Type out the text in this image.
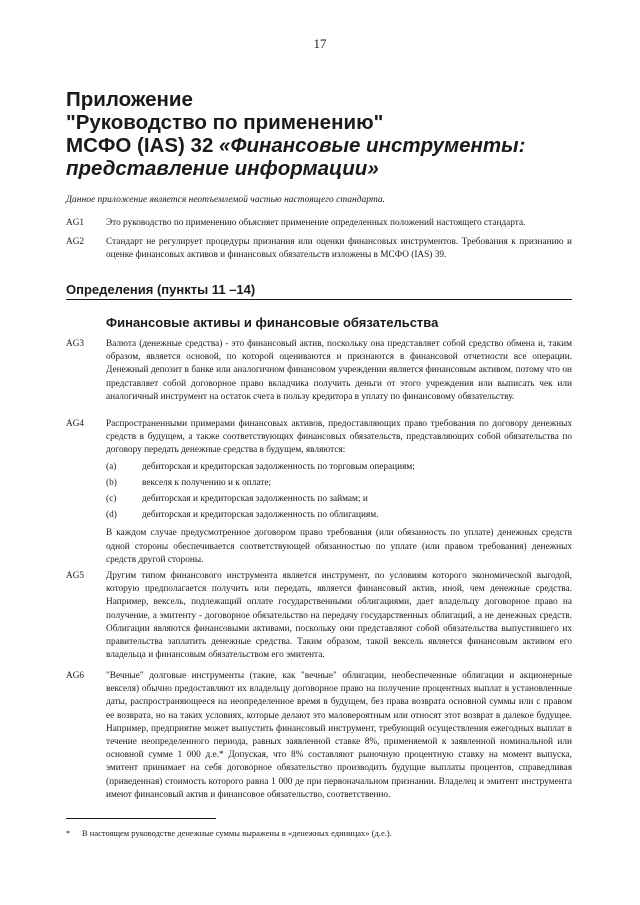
17
Приложение
"Руководство по применению"
МСФО (IAS) 32 «Финансовые инструменты:
представление информации»
Данное приложение является неотъемлемой частью настоящего стандарта.
AG1	Это руководство по применению объясняет применение определенных положений настоящего стандарта.
AG2	Стандарт не регулирует процедуры признания или оценки финансовых инструментов. Требования к признанию и оценке финансовых активов и финансовых обязательств изложены в МСФО (IAS) 39.
Определения (пункты 11 –14)
Финансовые активы и финансовые обязательства
AG3	Валюта (денежные средства) - это финансовый актив, поскольку она представляет собой средство обмена и, таким образом, является основой, по которой оцениваются и признаются в финансовой отчетности все операции. Денежный депозит в банке или аналогичном финансовом учреждении является финансовым активом, потому что он представляет собой договорное право вкладчика получить деньги от этого учреждения или выписать чек или аналогичный инструмент на остаток счета в пользу кредитора в уплату по финансовому обязательству.
AG4	Распространенными примерами финансовых активов, предоставляющих право требования по договору денежных средств в будущем, а также соответствующих финансовых обязательств, представляющих собой обязательства по договору передать денежные средства в будущем, являются:
(a)	дебиторская и кредиторская задолженность по торговым операциям;
(b)	векселя к получению и к оплате;
(c)	дебиторская и кредиторская задолженность по займам; и
(d)	дебиторская и кредиторская задолженность по облигациям.
В каждом случае предусмотренное договором право требования (или обязанность по уплате) денежных средств одной стороны обеспечивается соответствующей обязанностью по уплате (или правом требования) денежных средств другой стороны.
AG5	Другим типом финансового инструмента является инструмент, по условиям которого экономической выгодой, которую предполагается получить или передать, является финансовый актив, иной, чем денежные средства. Например, вексель, подлежащий оплате государственными облигациями, дает владельцу договорное право на получение, а эмитенту - договорное обязательство на передачу государственных облигаций, а не денежных средств. Облигации являются финансовыми активами, поскольку они представляют собой обязательства выпустившего их правительства заплатить денежные средства. Таким образом, такой вексель является финансовым активом его владельца и финансовым обязательством его эмитента.
AG6	"Вечные" долговые инструменты (такие, как "вечные" облигации, необеспеченные облигации и акционерные векселя) обычно предоставляют их владельцу договорное право на получение процентных выплат в установленные даты, распространяющееся на неопределенное время в будущем, без права возврата основной суммы или с правом ее возврата, но на таких условиях, которые делают это маловероятным или относят этот возврат в далекое будущее. Например, предприятие может выпустить финансовый инструмент, требующий осуществления ежегодных выплат в течение неопределенного периода, равных заявленной ставке 8%, применяемой к заявленной номинальной или основной сумме 1 000 д.е.* Допуская, что 8% составляют рыночную процентную ставку на момент выпуска, эмитент принимает на себя договорное обязательство производить будущие выплаты процентов, справедливая (приведенная) стоимость которого равна 1 000 де при первоначальном признании. Владелец и эмитент инструмента имеют финансовый актив и финансовое обязательство, соответственно.
* В настоящем руководстве денежные суммы выражены в «денежных единицах» (д.е.).
